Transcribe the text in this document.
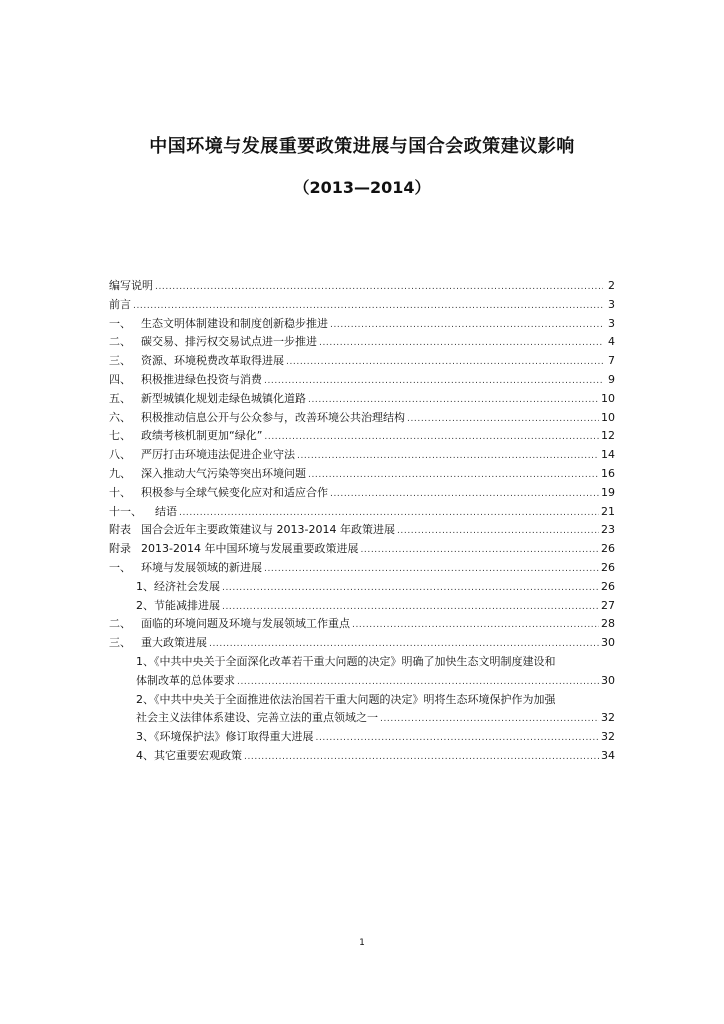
中国环境与发展重要政策进展与国合会政策建议影响
（2013—2014）
编写说明 .....	2
前言 .....	3
一、 生态文明体制建设和制度创新稳步推进 .....	3
二、 碳交易、排污权交易试点进一步推进 .....	4
三、 资源、环境税费改革取得进展 .....	7
四、 积极推进绿色投资与消费 .....	9
五、 新型城镇化规划走绿色城镇化道路 .....	10
六、 积极推动信息公开与公众参与，改善环境公共治理结构 .....	10
七、 政绩考核机制更加“绿化” .....	12
八、 严厉打击环境违法促进企业守法 .....	14
九、 深入推动大气污染等突出环境问题 .....	16
十、 积极参与全球气候变化应对和适应合作 .....	19
十一、	结语 .....	21
附表 国合会近年主要政策建议与 2013-2014 年政策进展 .....	23
附录 2013-2014 年中国环境与发展重要政策进展 .....	26
一、 环境与发展领域的新进展 .....	26
1、经济社会发展 .....	26
2、节能减排进展 .....	27
二、 面临的环境问题及环境与发展领域工作重点 .....	28
三、 重大政策进展 .....	30
1、《中共中央关于全面深化改革若干重大问题的决定》明确了加快生态文明制度建设和
体制改革的总体要求 .....	30
2、《中共中央关于全面推进依法治国若干重大问题的决定》明将生态环境保护作为加强
社会主义法律体系建设、完善立法的重点领域之一 .....	32
3、《环境保护法》修订取得重大进展 .....	32
4、其它重要宏观政策 .....	34
1
